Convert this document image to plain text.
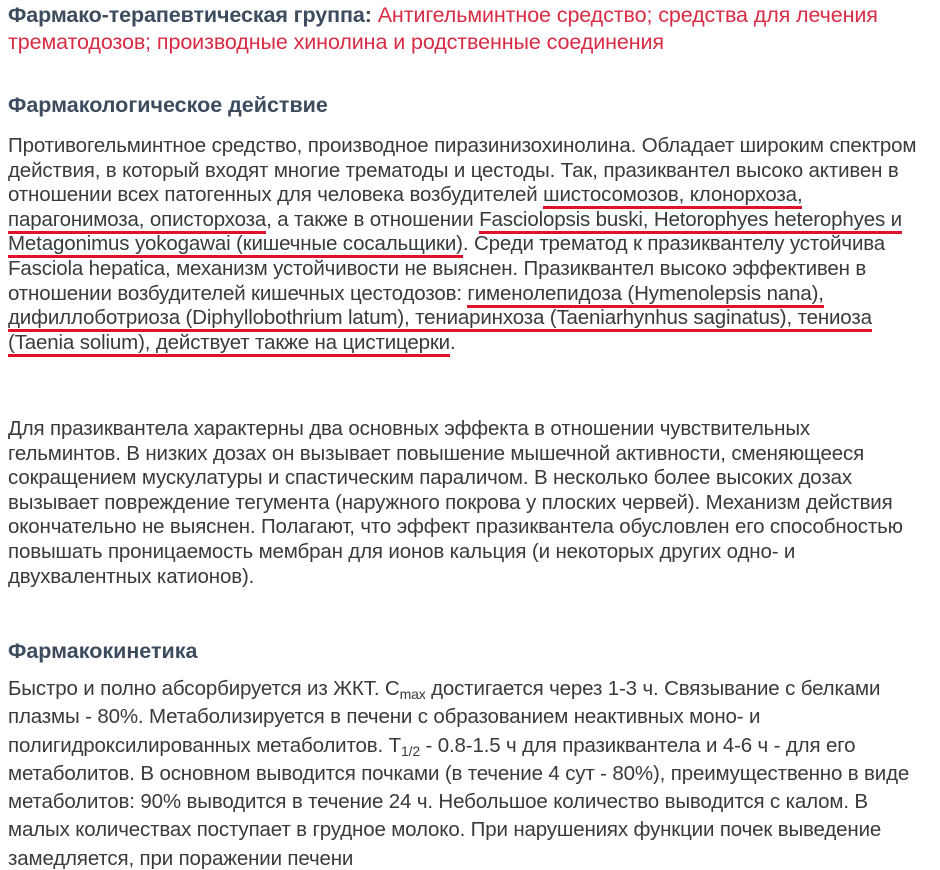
Фармако-терапевтическая группа: Антигельминтное средство; средства для лечения трематодозов; производные хинолина и родственные соединения

Фармакологическое действие

Противогельминтное средство, производное пиразинизохинолина. Обладает широким спектром действия, в который входят многие трематоды и цестоды. Так, празиквантел высоко активен в отношении всех патогенных для человека возбудителей шистосомозов, клонорхоза, парагонимоза, описторхоза, а также в отношении Fasciolopsis buski, Hetorophyes heterophyes и Metagonimus yokogawai (кишечные сосальщики). Среди трематод к празиквантелу устойчива Fasciola hepatica, механизм устойчивости не выяснен. Празиквантел высоко эффективен в отношении возбудителей кишечных цестодозов: гименолепидоза (Hymenolepsis nana), дифиллоботриоза (Diphyllobothrium latum), тениаринхоза (Taeniarhynhus saginatus), тениоза (Taenia solium), действует также на цистицерки.

Для празиквантела характерны два основных эффекта в отношении чувствительных гельминтов. В низких дозах он вызывает повышение мышечной активности, сменяющееся сокращением мускулатуры и спастическим параличом. В несколько более высоких дозах вызывает повреждение тегумента (наружного покрова у плоских червей). Механизм действия окончательно не выяснен. Полагают, что эффект празиквантела обусловлен его способностью повышать проницаемость мембран для ионов кальция (и некоторых других одно- и двухвалентных катионов).

Фармакокинетика

Быстро и полно абсорбируется из ЖКТ. $C_{max}$ достигается через 1-3 ч. Связывание с белками плазмы - 80%. Метаболизируется в печени с образованием неактивных моно- и полигидроксилированных метаболитов. $T_{1/2} - 0.8-1.5$ ч для празиквантела и 4-6 ч - для его метаболитов. В основном выводится почками (в течение 4 сут - 80%), преимущественно в виде метаболитов: 90% выводится в течение 24 ч. Небольшое количество выводится с калом. В малых количествах поступает в грудное молоко. При нарушениях функции почек выведение замедляется, при поражении печени
